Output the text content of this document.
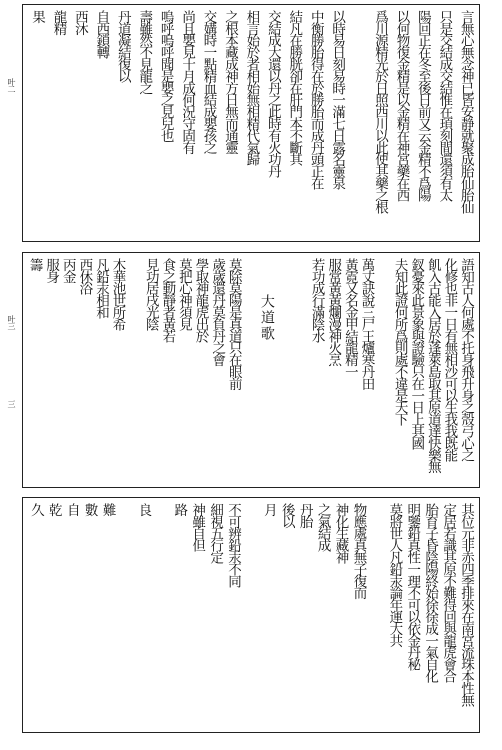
叶二
叶三
三
言無心無念神已皆安静就聚成胎仙胎仙
只是交結成交結惟在頊刻間還須有太
陽回正在冬至後日前又云金精不爲陽
以何物復金精是以金精在神宮藥在西
爲川源精光於日照西川以此使其藥之根
以時易日刻易時一滿七日露名靈泉
中衡勝胎得在於勝胎而成丹頭正在
結凡在勝胱卻在肝門本不斷其
交結成大還以丹之此時有火功丹
相言始於者相始無相精代氣歸
之根本藏成神方日無而通靈
交媾時一點精血結成嬰孩之
尚且嬰見十月成何況守固有
嗚呼嗚呼聞是嬰之見兒也
壽雖然不見龍之
丹道凝結復以
自西鎖轉
西沐
龍精
果
語知古人何處不托身飛升身之殼弓心之
化修也非一日有無相沙可以生我我既能
飢入古能入居於蓬萊島取其原道達快樂無
釵憂來此景象與證驗只在一日上其國
夫知此證何所爲則處不違是天下
萬丈訣說三尸王爐寒丹田
黃霓又名金甲結龍精一
服常黃黃爛漫神火烹
若功成行滿陰水
大道歌
莫除莫陽是真道只在眼前
歲歲還丹莫負丹之會
學取神龍虎出於
莫把心神須見
食之動靜者黃若
見功居戌光陰
木華池世所希
凡鉛汞相和
西休浴
丙金
服身
籌
其位元非赤四季排來在南宮流珠本性無
定居若識其原不難得回與龍虎會合
胎育子昏陰陽終始徐徐成一氣自化
明鑒鉛真性一理不可以依金丹秘
莫將世人凡鉛汞論年運大共
物應處真無子復而
神化生藏神
之氣結成
丹胎
後以
月
不可辨鉛汞不同
細視五行定
神雖自但
路
良
難
數
自
乾
久
